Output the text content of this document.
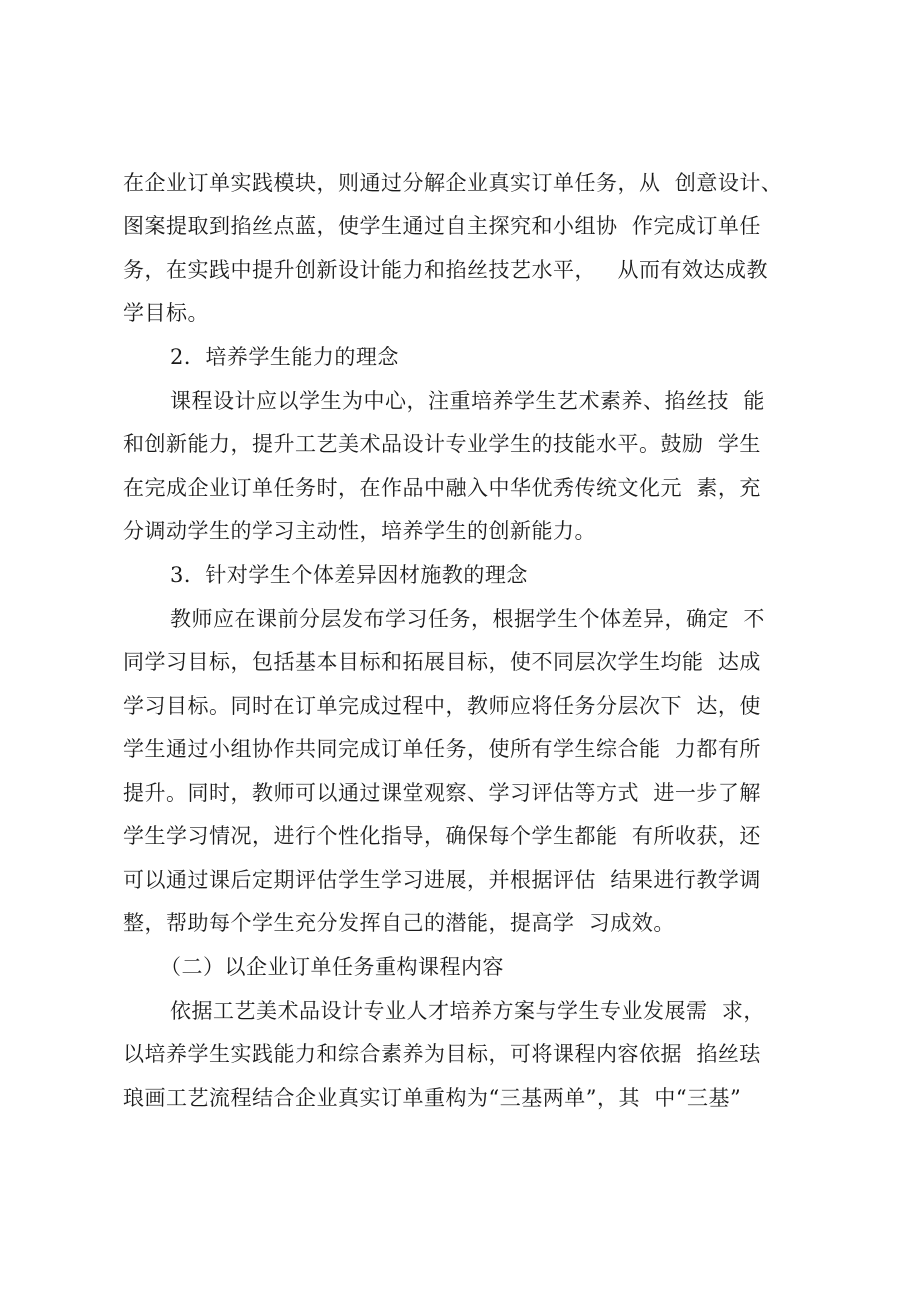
在企业订单实践模块，则通过分解企业真实订单任务，从  创意设计、
图案提取到掐丝点蓝，使学生通过自主探究和小组协  作完成订单任
务，在实践中提升创新设计能力和掐丝技艺水平，   从而有效达成教
学目标。
2．培养学生能力的理念
课程设计应以学生为中心，注重培养学生艺术素养、掐丝技  能
和创新能力，提升工艺美术品设计专业学生的技能水平。鼓励  学生
在完成企业订单任务时，在作品中融入中华优秀传统文化元  素，充
分调动学生的学习主动性，培养学生的创新能力。
3．针对学生个体差异因材施教的理念
教师应在课前分层发布学习任务，根据学生个体差异，确定  不
同学习目标，包括基本目标和拓展目标，使不同层次学生均能  达成
学习目标。同时在订单完成过程中，教师应将任务分层次下  达，使
学生通过小组协作共同完成订单任务，使所有学生综合能  力都有所
提升。同时，教师可以通过课堂观察、学习评估等方式  进一步了解
学生学习情况，进行个性化指导，确保每个学生都能  有所收获，还
可以通过课后定期评估学生学习进展，并根据评估  结果进行教学调
整，帮助每个学生充分发挥自己的潜能，提高学  习成效。
（二）以企业订单任务重构课程内容
依据工艺美术品设计专业人才培养方案与学生专业发展需  求，
以培养学生实践能力和综合素养为目标，可将课程内容依据  掐丝珐
琅画工艺流程结合企业真实订单重构为“三基两单”，其  中“三基”
